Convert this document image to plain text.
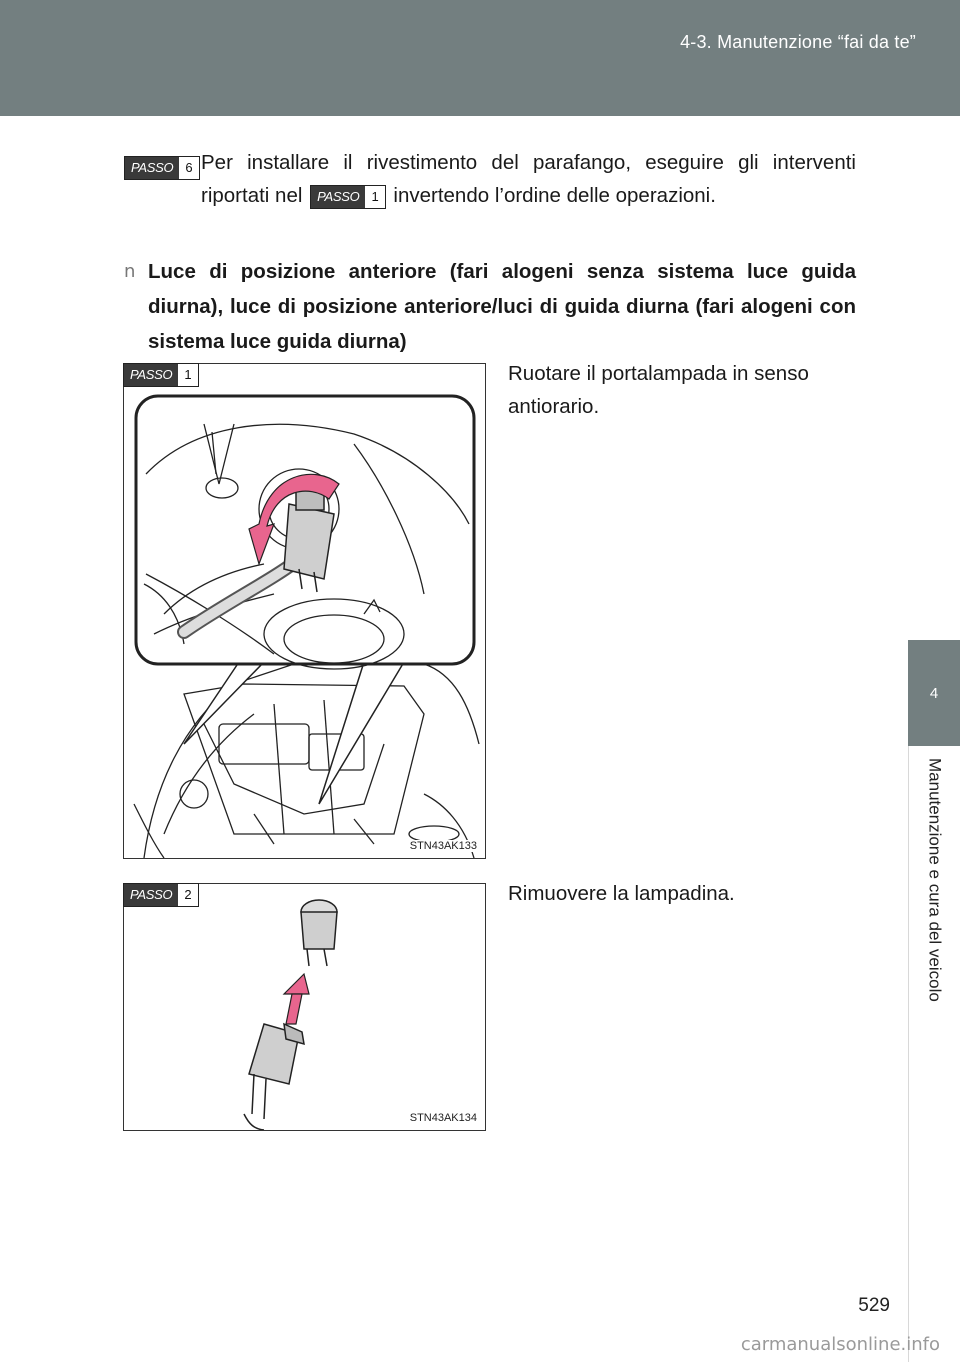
4-3. Manutenzione “fai da te”
4
Manutenzione e cura del veicolo
PASSO 6 Per installare il rivestimento del parafango, eseguire gli interventi riportati nel	PASSO 1 invertendo l’ordine delle operazioni.
n Luce di posizione anteriore (fari alogeni senza sistema luce guida diurna), luce di posizione anteriore/luci di guida diurna (fari alogeni con sistema luce guida diurna)
PASSO 1
STN43AK133
Ruotare il portalampada in senso antiorario.
PASSO 2
STN43AK134
Rimuovere la lampadina.
529
carmanualsonline.info
